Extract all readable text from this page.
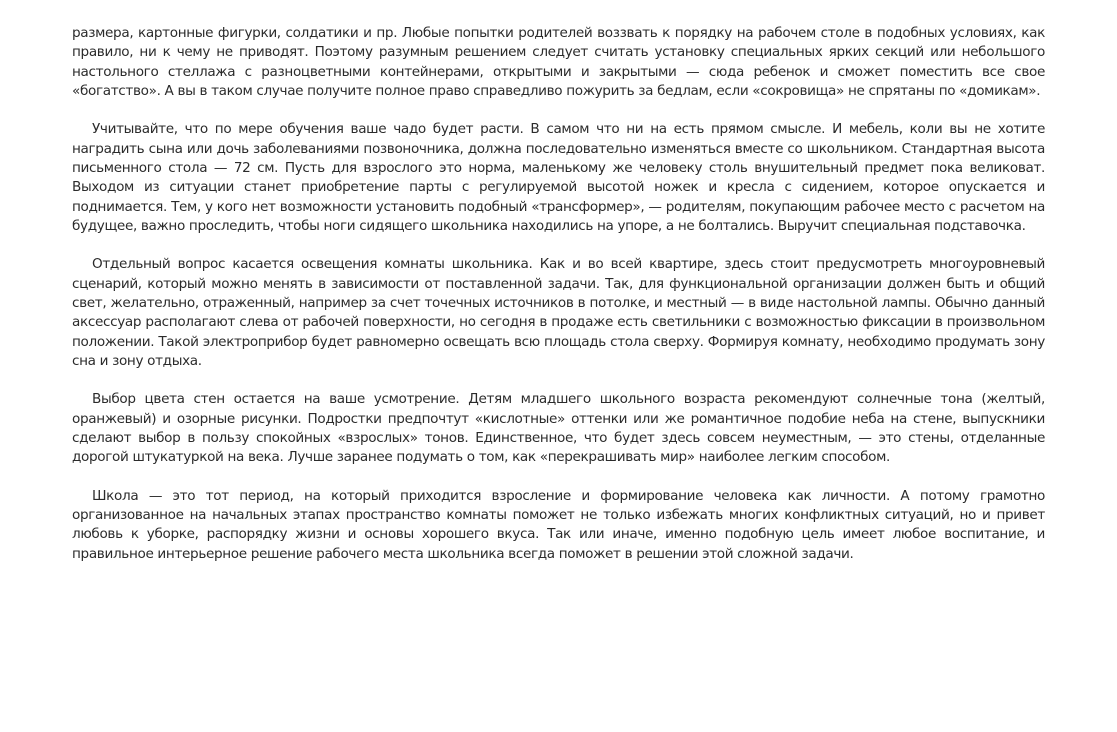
размера, картонные фигурки, солдатики и пр. Любые попытки родителей воззвать к порядку на рабочем столе в подобных условиях, как правило, ни к чему не приводят. Поэтому разумным решением следует считать установку специальных ярких секций или небольшого настольного стеллажа с разноцветными контейнерами, открытыми и закрытыми — сюда ребенок и сможет поместить все свое «богатство». А вы в таком случае получите полное право справедливо пожурить за бедлам, если «сокровища» не спрятаны по «домикам».

Учитывайте, что по мере обучения ваше чадо будет расти. В самом что ни на есть прямом смысле. И мебель, коли вы не хотите наградить сына или дочь заболеваниями позвоночника, должна последовательно изменяться вместе со школьником. Стандартная высота письменного стола — 72 см. Пусть для взрослого это норма, маленькому же человеку столь внушительный предмет пока великоват. Выходом из ситуации станет приобретение парты с регулируемой высотой ножек и кресла с сидением, которое опускается и поднимается. Тем, у кого нет возможности установить подобный «трансформер», — родителям, покупающим рабочее место с расчетом на будущее, важно проследить, чтобы ноги сидящего школьника находились на упоре, а не болтались. Выручит специальная подставочка.

Отдельный вопрос касается освещения комнаты школьника. Как и во всей квартире, здесь стоит предусмотреть многоуровневый сценарий, который можно менять в зависимости от поставленной задачи. Так, для функциональной организации должен быть и общий свет, желательно, отраженный, например за счет точечных источников в потолке, и местный — в виде настольной лампы. Обычно данный аксессуар располагают слева от рабочей поверхности, но сегодня в продаже есть светильники с возможностью фиксации в произвольном положении. Такой электроприбор будет равномерно освещать всю площадь стола сверху. Формируя комнату, необходимо продумать зону сна и зону отдыха.

Выбор цвета стен остается на ваше усмотрение. Детям младшего школьного возраста рекомендуют солнечные тона (желтый, оранжевый) и озорные рисунки. Подростки предпочтут «кислотные» оттенки или же романтичное подобие неба на стене, выпускники сделают выбор в пользу спокойных «взрослых» тонов. Единственное, что будет здесь совсем неуместным, — это стены, отделанные дорогой штукатуркой на века. Лучше заранее подумать о том, как «перекрашивать мир» наиболее легким способом.

Школа — это тот период, на который приходится взросление и формирование человека как личности. А потому грамотно организованное на начальных этапах пространство комнаты поможет не только избежать многих конфликтных ситуаций, но и привет любовь к уборке, распорядку жизни и основы хорошего вкуса. Так или иначе, именно подобную цель имеет любое воспитание, и правильное интерьерное решение рабочего места школьника всегда поможет в решении этой сложной задачи.
